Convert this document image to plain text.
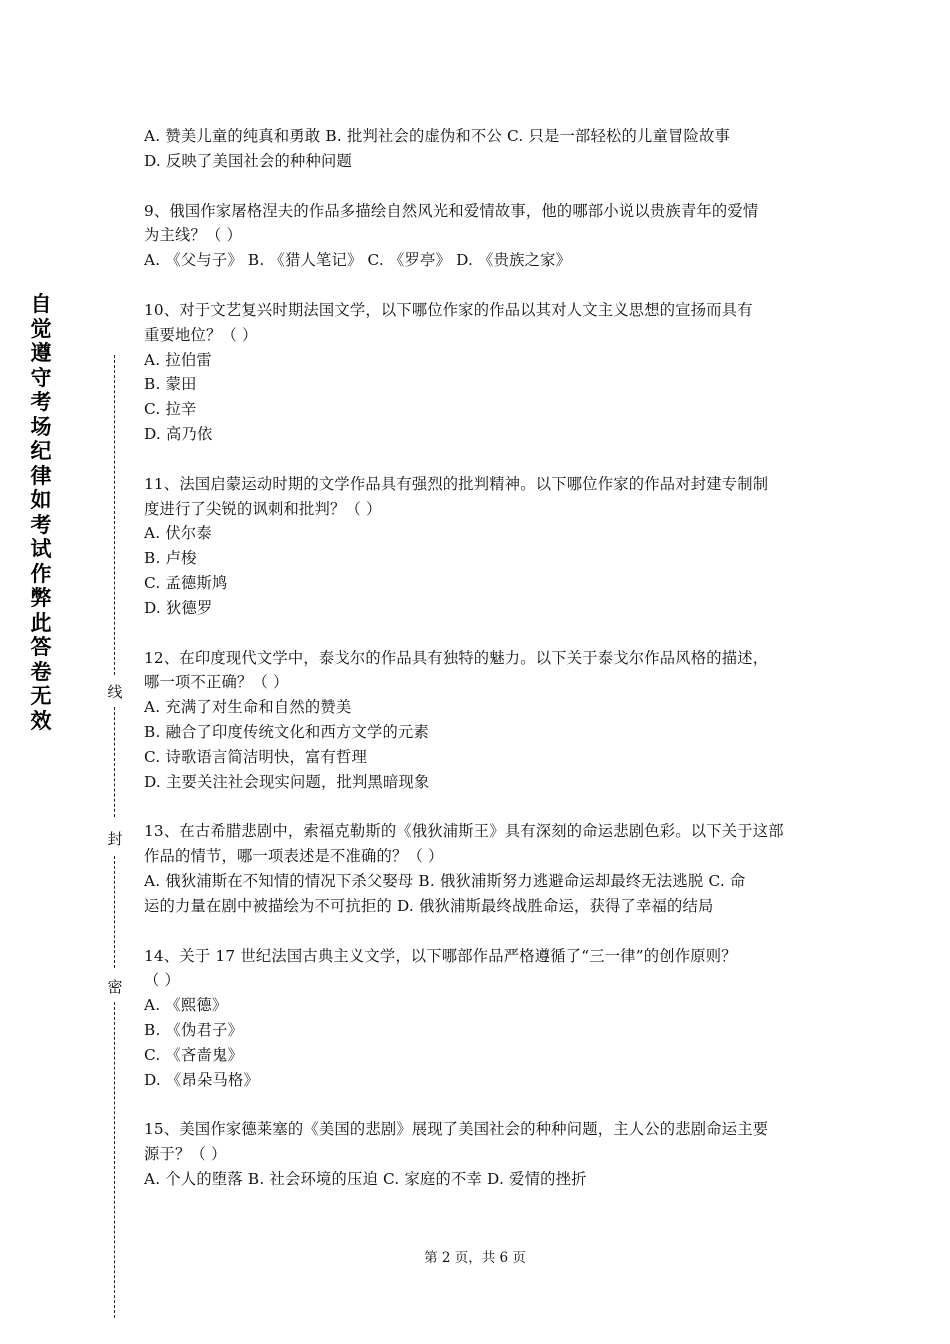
自觉遵守考场纪律如考试作弊此答卷无效
线
封
密
A. 赞美儿童的纯真和勇敢 B. 批判社会的虚伪和不公 C. 只是一部轻松的儿童冒险故事
D. 反映了美国社会的种种问题
9、俄国作家屠格涅夫的作品多描绘自然风光和爱情故事，他的哪部小说以贵族青年的爱情
为主线？（ ）
A. 《父与子》 B. 《猎人笔记》 C. 《罗亭》 D. 《贵族之家》
10、对于文艺复兴时期法国文学，以下哪位作家的作品以其对人文主义思想的宣扬而具有
重要地位？（ ）
A. 拉伯雷
B. 蒙田
C. 拉辛
D. 高乃依
11、法国启蒙运动时期的文学作品具有强烈的批判精神。以下哪位作家的作品对封建专制制
度进行了尖锐的讽刺和批判？（ ）
A. 伏尔泰
B. 卢梭
C. 孟德斯鸠
D. 狄德罗
12、在印度现代文学中，泰戈尔的作品具有独特的魅力。以下关于泰戈尔作品风格的描述，
哪一项不正确？（ ）
A. 充满了对生命和自然的赞美
B. 融合了印度传统文化和西方文学的元素
C. 诗歌语言简洁明快，富有哲理
D. 主要关注社会现实问题，批判黑暗现象
13、在古希腊悲剧中，索福克勒斯的《俄狄浦斯王》具有深刻的命运悲剧色彩。以下关于这部
作品的情节，哪一项表述是不准确的？（ ）
A. 俄狄浦斯在不知情的情况下杀父娶母 B. 俄狄浦斯努力逃避命运却最终无法逃脱 C. 命
运的力量在剧中被描绘为不可抗拒的 D. 俄狄浦斯最终战胜命运，获得了幸福的结局
14、关于 17 世纪法国古典主义文学，以下哪部作品严格遵循了“三一律”的创作原则？
（ ）
A. 《熙德》
B. 《伪君子》
C. 《吝啬鬼》
D. 《昂朵马格》
15、美国作家德莱塞的《美国的悲剧》展现了美国社会的种种问题，主人公的悲剧命运主要
源于？（ ）
A. 个人的堕落 B. 社会环境的压迫 C. 家庭的不幸 D. 爱情的挫折
第 2 页，共 6 页
